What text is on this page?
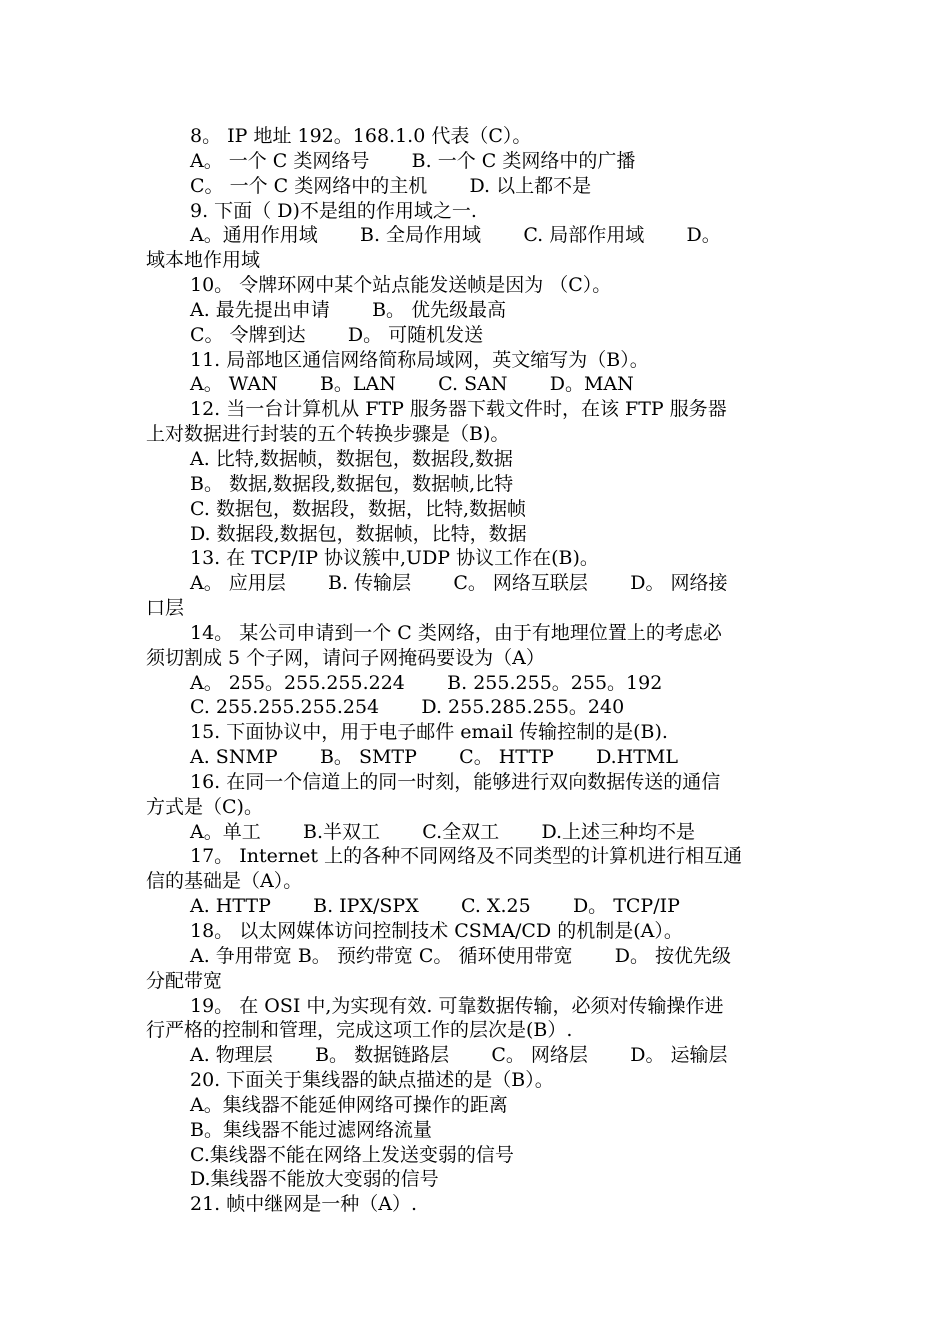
8。 IP 地址 192。168.1.0 代表（C）。
A。 一个 C 类网络号       B. 一个 C 类网络中的广播
C。 一个 C 类网络中的主机       D. 以上都不是
9. 下面（ D)不是组的作用域之一.
A。通用作用域       B. 全局作用域       C. 局部作用域       D。
域本地作用域
10。 令牌环网中某个站点能发送帧是因为 （C）。
A. 最先提出申请       B。 优先级最高
C。 令牌到达       D。 可随机发送
11. 局部地区通信网络简称局域网，英文缩写为（B）。
A。 WAN       B。LAN       C. SAN       D。MAN
12. 当一台计算机从 FTP 服务器下载文件时，在该 FTP 服务器
上对数据进行封装的五个转换步骤是（B)。
A. 比特,数据帧，数据包，数据段,数据
B。 数据,数据段,数据包，数据帧,比特
C. 数据包，数据段，数据，比特,数据帧
D. 数据段,数据包，数据帧，比特，数据
13. 在 TCP/IP 协议簇中,UDP 协议工作在(B)。
A。 应用层       B. 传输层       C。 网络互联层       D。 网络接
口层
14。 某公司申请到一个 C 类网络，由于有地理位置上的考虑必
须切割成 5 个子网，请问子网掩码要设为（A）
A。 255。255.255.224       B. 255.255。255。192
C. 255.255.255.254       D. 255.285.255。240
15. 下面协议中，用于电子邮件 email 传输控制的是(B).
A. SNMP       B。 SMTP       C。 HTTP       D.HTML
16. 在同一个信道上的同一时刻，能够进行双向数据传送的通信
方式是（C)。
A。单工       B.半双工       C.全双工       D.上述三种均不是
17。 Internet 上的各种不同网络及不同类型的计算机进行相互通
信的基础是（A）。
A. HTTP       B. IPX/SPX       C. X.25       D。 TCP/IP
18。 以太网媒体访问控制技术 CSMA/CD 的机制是(A）。
A. 争用带宽 B。 预约带宽 C。 循环使用带宽       D。 按优先级
分配带宽
19。 在 OSI 中,为实现有效. 可靠数据传输，必须对传输操作进
行严格的控制和管理，完成这项工作的层次是(B）.
A. 物理层       B。 数据链路层       C。 网络层       D。 运输层
20. 下面关于集线器的缺点描述的是（B）。
A。集线器不能延伸网络可操作的距离
B。集线器不能过滤网络流量
C.集线器不能在网络上发送变弱的信号
D.集线器不能放大变弱的信号
21. 帧中继网是一种（A）.
